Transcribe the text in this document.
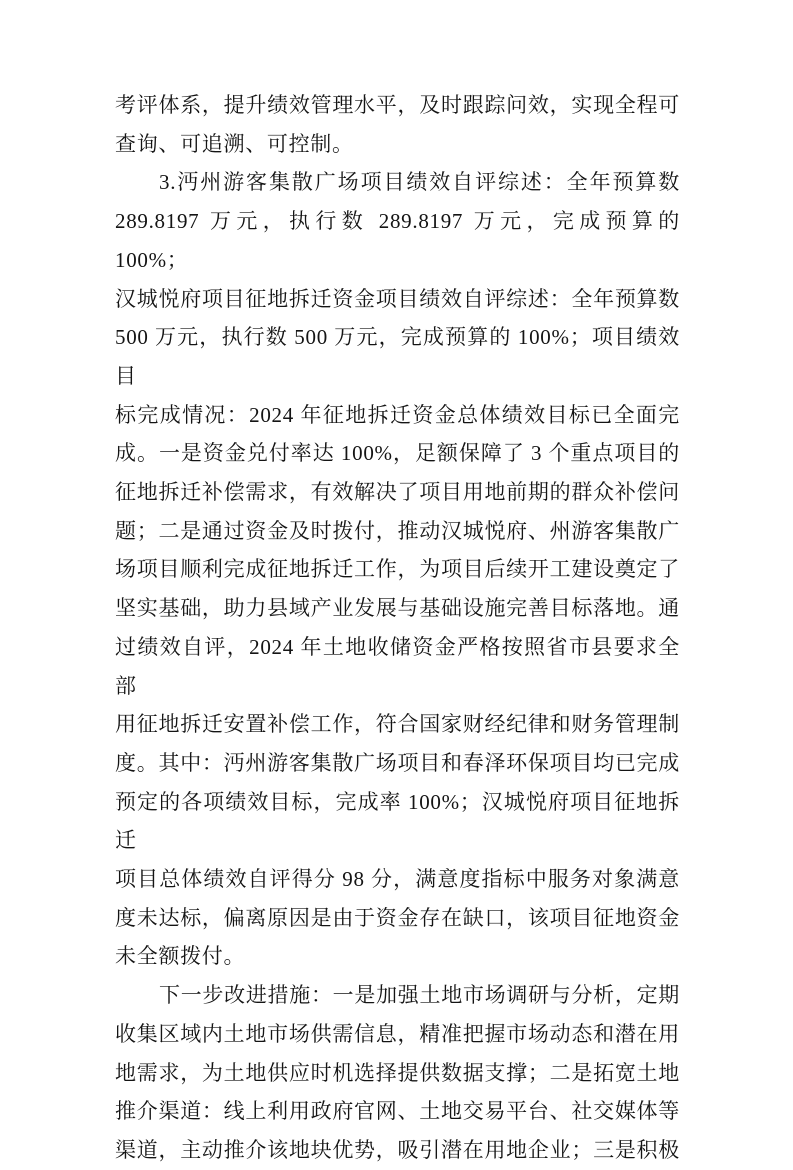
考评体系，提升绩效管理水平，及时跟踪问效，实现全程可
查询、可追溯、可控制。
3.沔州游客集散广场项目绩效自评综述：全年预算数
289.8197 万元，执行数 289.8197 万元，完成预算的 100%；
汉城悦府项目征地拆迁资金项目绩效自评综述：全年预算数
500 万元，执行数 500 万元，完成预算的 100%；项目绩效目
标完成情况：2024 年征地拆迁资金总体绩效目标已全面完
成。一是资金兑付率达 100%，足额保障了 3 个重点项目的
征地拆迁补偿需求，有效解决了项目用地前期的群众补偿问
题；二是通过资金及时拨付，推动汉城悦府、州游客集散广
场项目顺利完成征地拆迁工作，为项目后续开工建设奠定了
坚实基础，助力县域产业发展与基础设施完善目标落地。通
过绩效自评，2024 年土地收储资金严格按照省市县要求全部
用征地拆迁安置补偿工作，符合国家财经纪律和财务管理制
度。其中：沔州游客集散广场项目和春泽环保项目均已完成
预定的各项绩效目标，完成率 100%；汉城悦府项目征地拆迁
项目总体绩效自评得分 98 分，满意度指标中服务对象满意
度未达标，偏离原因是由于资金存在缺口，该项目征地资金
未全额拨付。
下一步改进措施：一是加强土地市场调研与分析，定期
收集区域内土地市场供需信息，精准把握市场动态和潜在用
地需求，为土地供应时机选择提供数据支撑；二是拓宽土地
推介渠道：线上利用政府官网、土地交易平台、社交媒体等
渠道，主动推介该地块优势，吸引潜在用地企业；三是积极
